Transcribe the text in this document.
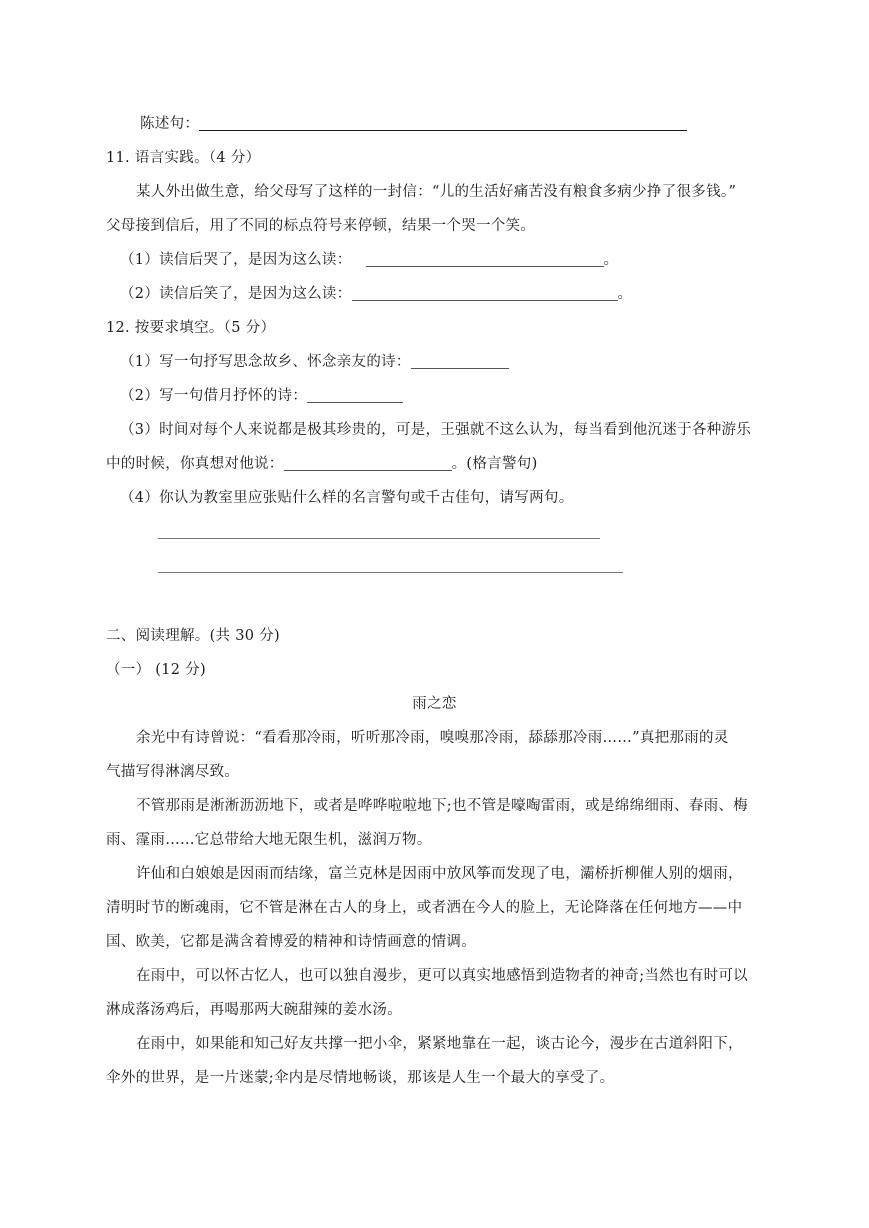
陈述句：
11. 语言实践。（4 分）
某人外出做生意，给父母写了这样的一封信：“儿的生活好痛苦没有粮食多病少挣了很多钱。”
父母接到信后，用了不同的标点符号来停顿，结果一个哭一个笑。
（1）读信后哭了，是因为这么读：	。
（2）读信后笑了，是因为这么读：	。
12. 按要求填空。（5 分）
（1）写一句抒写思念故乡、怀念亲友的诗：
（2）写一句借月抒怀的诗：
（3）时间对每个人来说都是极其珍贵的，可是，王强就不这么认为，每当看到他沉迷于各种游乐
中的时候，你真想对他说：	。(格言警句)
（4）你认为教室里应张贴什么样的名言警句或千古佳句，请写两句。
二、阅读理解。(共 30 分)
（一） (12 分)
雨之恋
余光中有诗曾说：“看看那冷雨，听听那冷雨，嗅嗅那冷雨，舔舔那冷雨……”真把那雨的灵
气描写得淋漓尽致。
不管那雨是淅淅沥沥地下，或者是哗哗啦啦地下;也不管是嚎啕雷雨，或是绵绵细雨、春雨、梅
雨、霪雨……它总带给大地无限生机，滋润万物。
许仙和白娘娘是因雨而结缘，富兰克林是因雨中放风筝而发现了电，灞桥折柳催人别的烟雨，
清明时节的断魂雨，它不管是淋在古人的身上，或者洒在今人的脸上，无论降落在任何地方——中
国、欧美，它都是满含着博爱的精神和诗情画意的情调。
在雨中，可以怀古忆人，也可以独自漫步，更可以真实地感悟到造物者的神奇;当然也有时可以
淋成落汤鸡后，再喝那两大碗甜辣的姜水汤。
在雨中，如果能和知己好友共撑一把小伞，紧紧地靠在一起，谈古论今，漫步在古道斜阳下，
伞外的世界，是一片迷蒙;伞内是尽情地畅谈，那该是人生一个最大的享受了。
